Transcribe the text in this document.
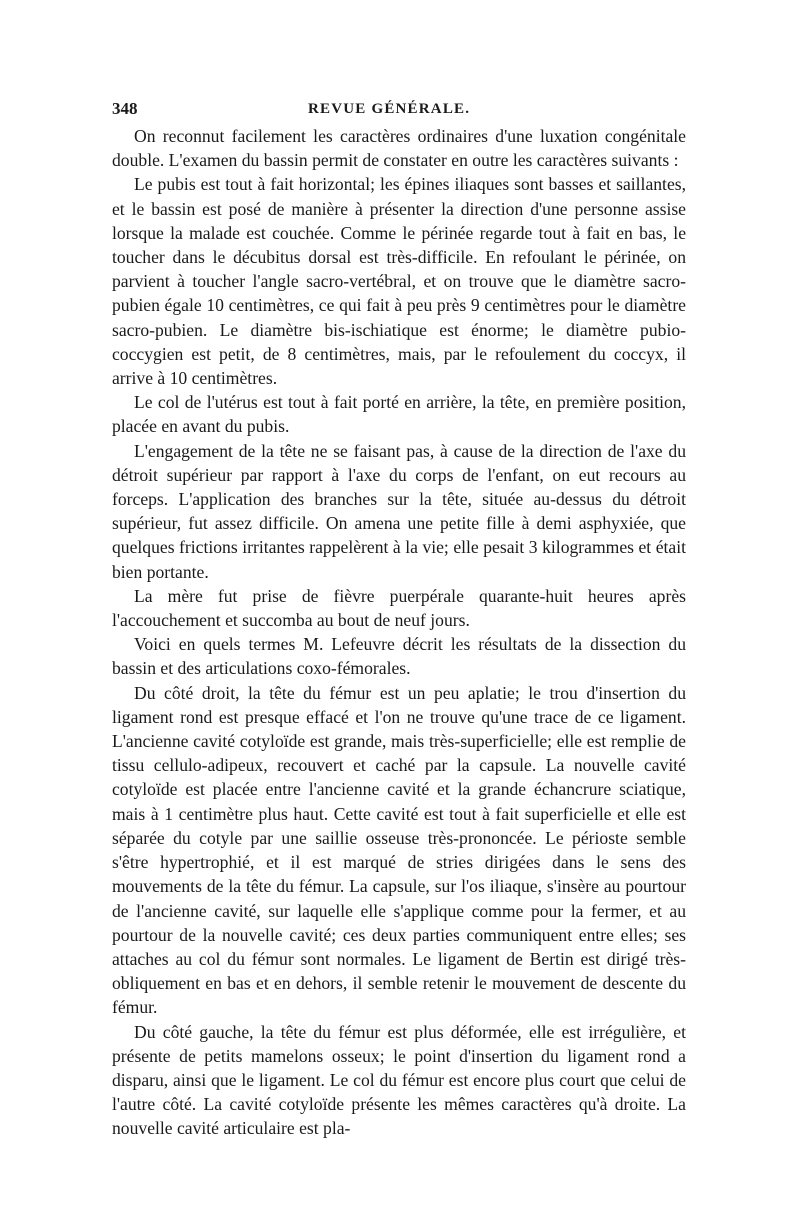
348	REVUE GÉNÉRALE.

On reconnut facilement les caractères ordinaires d'une luxation congénitale double. L'examen du bassin permit de constater en outre les caractères suivants :

Le pubis est tout à fait horizontal; les épines iliaques sont basses et saillantes, et le bassin est posé de manière à présenter la direction d'une personne assise lorsque la malade est couchée. Comme le périnée regarde tout à fait en bas, le toucher dans le décubitus dorsal est très-difficile. En refoulant le périnée, on parvient à toucher l'angle sacro-vertébral, et on trouve que le diamètre sacro-pubien égale 10 centimètres, ce qui fait à peu près 9 centimètres pour le diamètre sacro-pubien. Le diamètre bis-ischiatique est énorme; le diamètre pubio-coccygien est petit, de 8 centimètres, mais, par le refoulement du coccyx, il arrive à 10 centimètres.

Le col de l'utérus est tout à fait porté en arrière, la tête, en première position, placée en avant du pubis.

L'engagement de la tête ne se faisant pas, à cause de la direction de l'axe du détroit supérieur par rapport à l'axe du corps de l'enfant, on eut recours au forceps. L'application des branches sur la tête, située au-dessus du détroit supérieur, fut assez difficile. On amena une petite fille à demi asphyxiée, que quelques frictions irritantes rappelèrent à la vie; elle pesait 3 kilogrammes et était bien portante.

La mère fut prise de fièvre puerpérale quarante-huit heures après l'accouchement et succomba au bout de neuf jours.

Voici en quels termes M. Lefeuvre décrit les résultats de la dissection du bassin et des articulations coxo-fémorales.

Du côté droit, la tête du fémur est un peu aplatie; le trou d'insertion du ligament rond est presque effacé et l'on ne trouve qu'une trace de ce ligament. L'ancienne cavité cotyloïde est grande, mais très-superficielle; elle est remplie de tissu cellulo-adipeux, recouvert et caché par la capsule. La nouvelle cavité cotyloïde est placée entre l'ancienne cavité et la grande échancrure sciatique, mais à 1 centimètre plus haut. Cette cavité est tout à fait superficielle et elle est séparée du cotyle par une saillie osseuse très-prononcée. Le périoste semble s'être hypertrophié, et il est marqué de stries dirigées dans le sens des mouvements de la tête du fémur. La capsule, sur l'os iliaque, s'insère au pourtour de l'ancienne cavité, sur laquelle elle s'applique comme pour la fermer, et au pourtour de la nouvelle cavité; ces deux parties communiquent entre elles; ses attaches au col du fémur sont normales. Le ligament de Bertin est dirigé très-obliquement en bas et en dehors, il semble retenir le mouvement de descente du fémur.

Du côté gauche, la tête du fémur est plus déformée, elle est irrégulière, et présente de petits mamelons osseux; le point d'insertion du ligament rond a disparu, ainsi que le ligament. Le col du fémur est encore plus court que celui de l'autre côté. La cavité cotyloïde présente les mêmes caractères qu'à droite. La nouvelle cavité articulaire est pla-
